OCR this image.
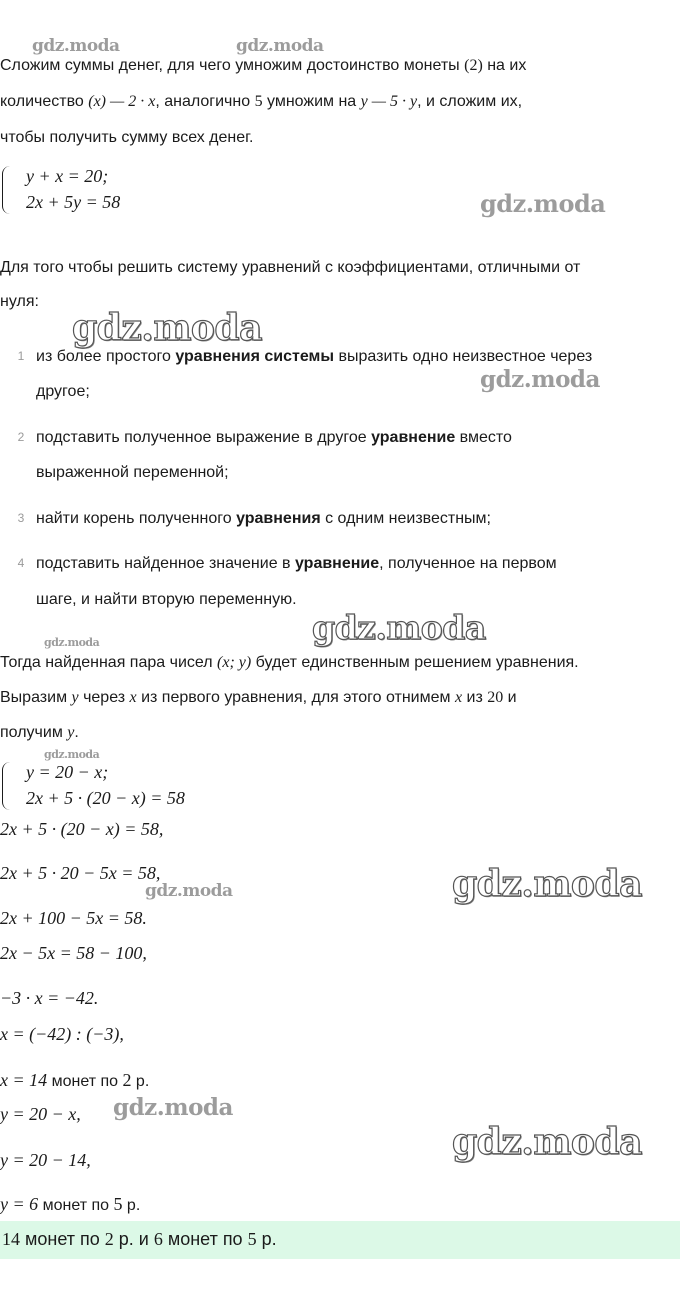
Сложим суммы денег, для чего умножим достоинство монеты (2) на их
количество (x) — 2 · x, аналогично 5 умножим на y — 5 · y, и сложим их,
чтобы получить сумму всех денег.
y + x = 20;
2x + 5y = 58
Для того чтобы решить систему уравнений с коэффициентами, отличными от
нуля:
1 из более простого уравнения системы выразить одно неизвестное через
другое;
2 подставить полученное выражение в другое уравнение вместо
выраженной переменной;
3 найти корень полученного уравнения с одним неизвестным;
4 подставить найденное значение в уравнение, полученное на первом
шаге, и найти вторую переменную.
Тогда найденная пара чисел (x; y) будет единственным решением уравнения.
Выразим y через x из первого уравнения, для этого отнимем x из 20 и
получим y.
y = 20 − x;
2x + 5 · (20 − x) = 58
2x + 5 · (20 − x) = 58,
2x + 5 · 20 − 5x = 58,
2x + 100 − 5x = 58.
2x − 5x = 58 − 100,
−3 · x = −42.
x = (−42) : (−3),
x = 14 монет по 2 р.
y = 20 − x,
y = 20 − 14,
y = 6 монет по 5 р.
14 монет по 2 р. и 6 монет по 5 р.
gdz.moda	gdz.moda
gdz.moda
gdz.moda
gdz.moda
gdz.moda	gdz.moda
gdz.moda
gdz.moda	gdz.moda
gdz.moda
gdz.moda
